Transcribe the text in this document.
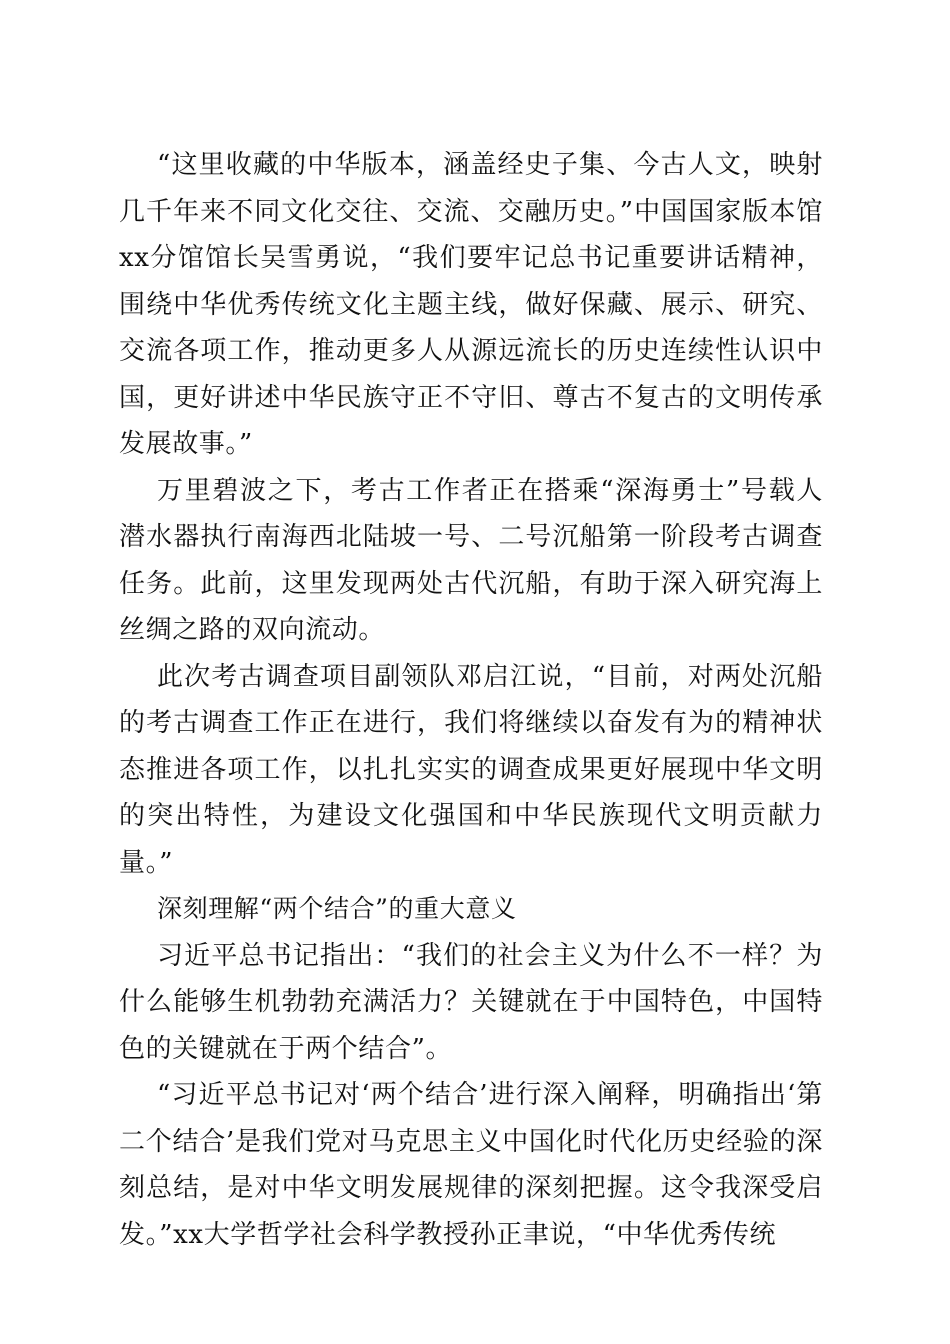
“这里收藏的中华版本，涵盖经史子集、今古人文，映射几千年来不同文化交往、交流、交融历史。”中国国家版本馆xx分馆馆长吴雪勇说，“我们要牢记总书记重要讲话精神，围绕中华优秀传统文化主题主线，做好保藏、展示、研究、交流各项工作，推动更多人从源远流长的历史连续性认识中国，更好讲述中华民族守正不守旧、尊古不复古的文明传承发展故事。”

万里碧波之下，考古工作者正在搭乘“深海勇士”号载人潜水器执行南海西北陆坡一号、二号沉船第一阶段考古调查任务。此前，这里发现两处古代沉船，有助于深入研究海上丝绸之路的双向流动。

此次考古调查项目副领队邓启江说，“目前，对两处沉船的考古调查工作正在进行，我们将继续以奋发有为的精神状态推进各项工作，以扎扎实实的调查成果更好展现中华文明的突出特性，为建设文化强国和中华民族现代文明贡献力量。”

深刻理解“两个结合”的重大意义

习近平总书记指出：“我们的社会主义为什么不一样？为什么能够生机勃勃充满活力？关键就在于中国特色，中国特色的关键就在于两个结合”。

“习近平总书记对‘两个结合’进行深入阐释，明确指出‘第二个结合’是我们党对马克思主义中国化时代化历史经验的深刻总结，是对中华文明发展规律的深刻把握。这令我深受启发。”xx大学哲学社会科学教授孙正聿说，“中华优秀传统
